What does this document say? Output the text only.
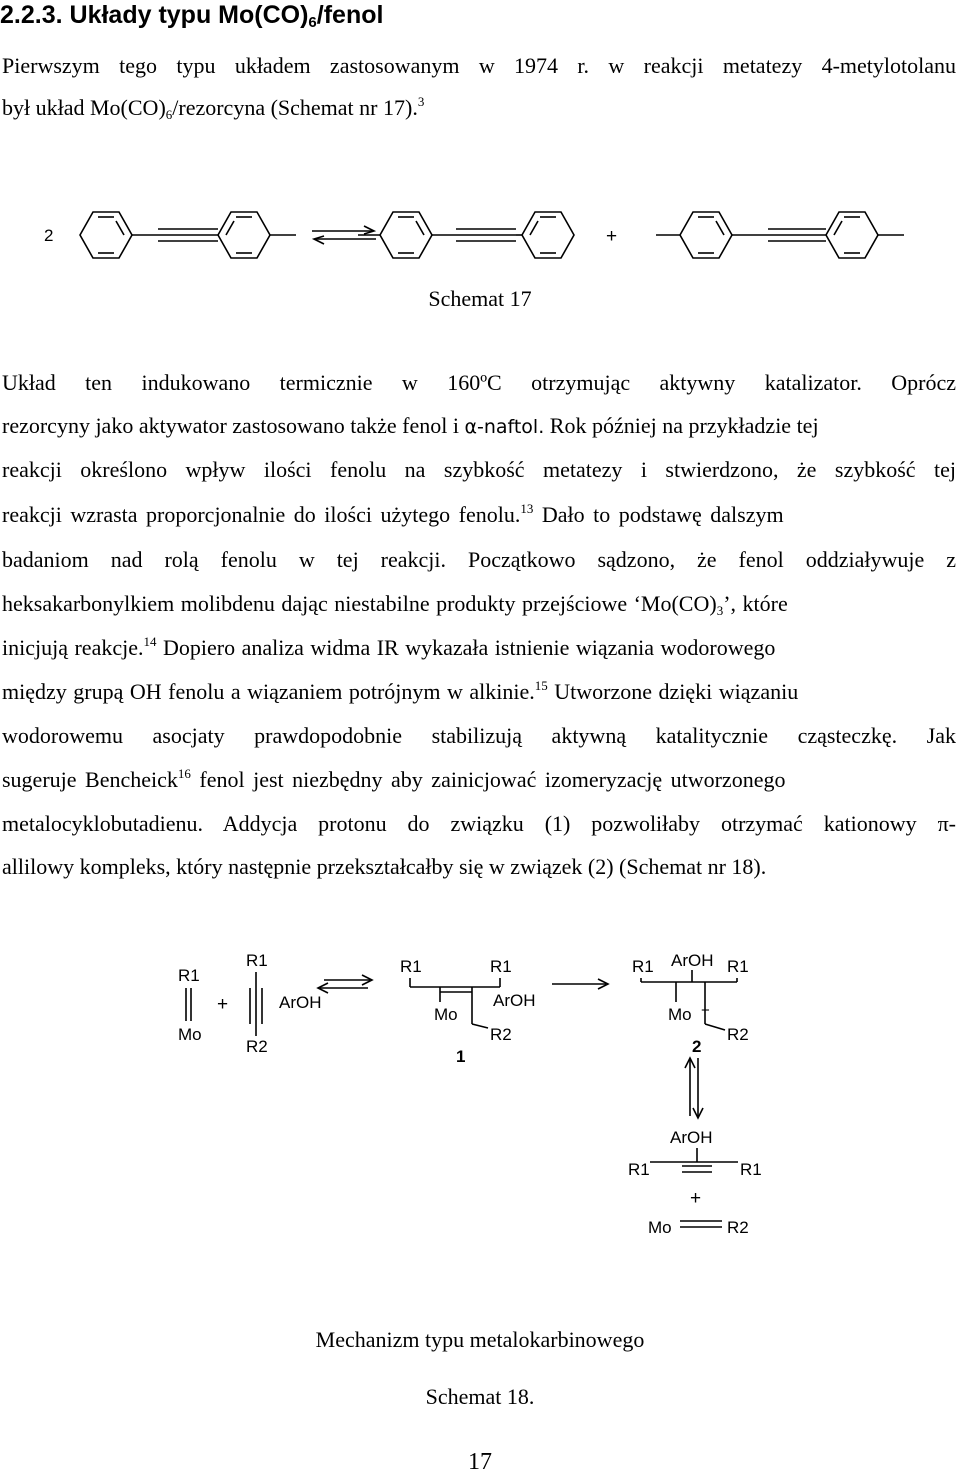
2.2.3. Układy typu $Mo(CO)_6$/fenol
Pierwszym tego typu układem zastosowanym w 1974 r. w reakcji metatezy 4-metylotolanu
był układ $Mo(CO)_6$/rezorcyna (Schemat nr 17).$^3$
2	+
Schemat 17
Układ ten indukowano termicznie w 160ºC otrzymując aktywny katalizator. Oprócz
rezorcyny jako aktywator zastosowano także fenol i α-naftol. Rok później na przykładzie tej
reakcji określono wpływ ilości fenolu na szybkość metatezy i stwierdzono, że szybkość tej
reakcji wzrasta proporcjonalnie do ilości użytego fenolu.$^{13}$ Dało to podstawę dalszym
badaniom nad rolą fenolu w tej reakcji. Początkowo sądzono, że fenol oddziaływuje z
heksakarbonylkiem molibdenu dając niestabilne produkty przejściowe ‘$Mo(CO)_3$’, które
inicjują reakcje.$^{14}$ Dopiero analiza widma IR wykazała istnienie wiązania wodorowego
między grupą OH fenolu a wiązaniem potrójnym w alkinie.$^{15}$ Utworzone dzięki wiązaniu
wodorowemu asocjaty prawdopodobnie stabilizują aktywną katalitycznie cząsteczkę. Jak
sugeruje Bencheick$^{16}$ fenol jest niezbędny aby zainicjować izomeryzację utworzonego
metalocyklobutadienu. Addycja protonu do związku (1) pozwoliłaby otrzymać kationowy π-
allilowy kompleks, który następnie przekształcałby się w związek (2) (Schemat nr 18).
R1
Mo
+
R1
ArOH
R2
R1	R1
ArOH
Mo
R2
1
R1 ArOH R1
Mo −
R2
2
ArOH
R1	R1
+
Mo	R2
Mechanizm typu metalokarbinowego
Schemat 18.
17
